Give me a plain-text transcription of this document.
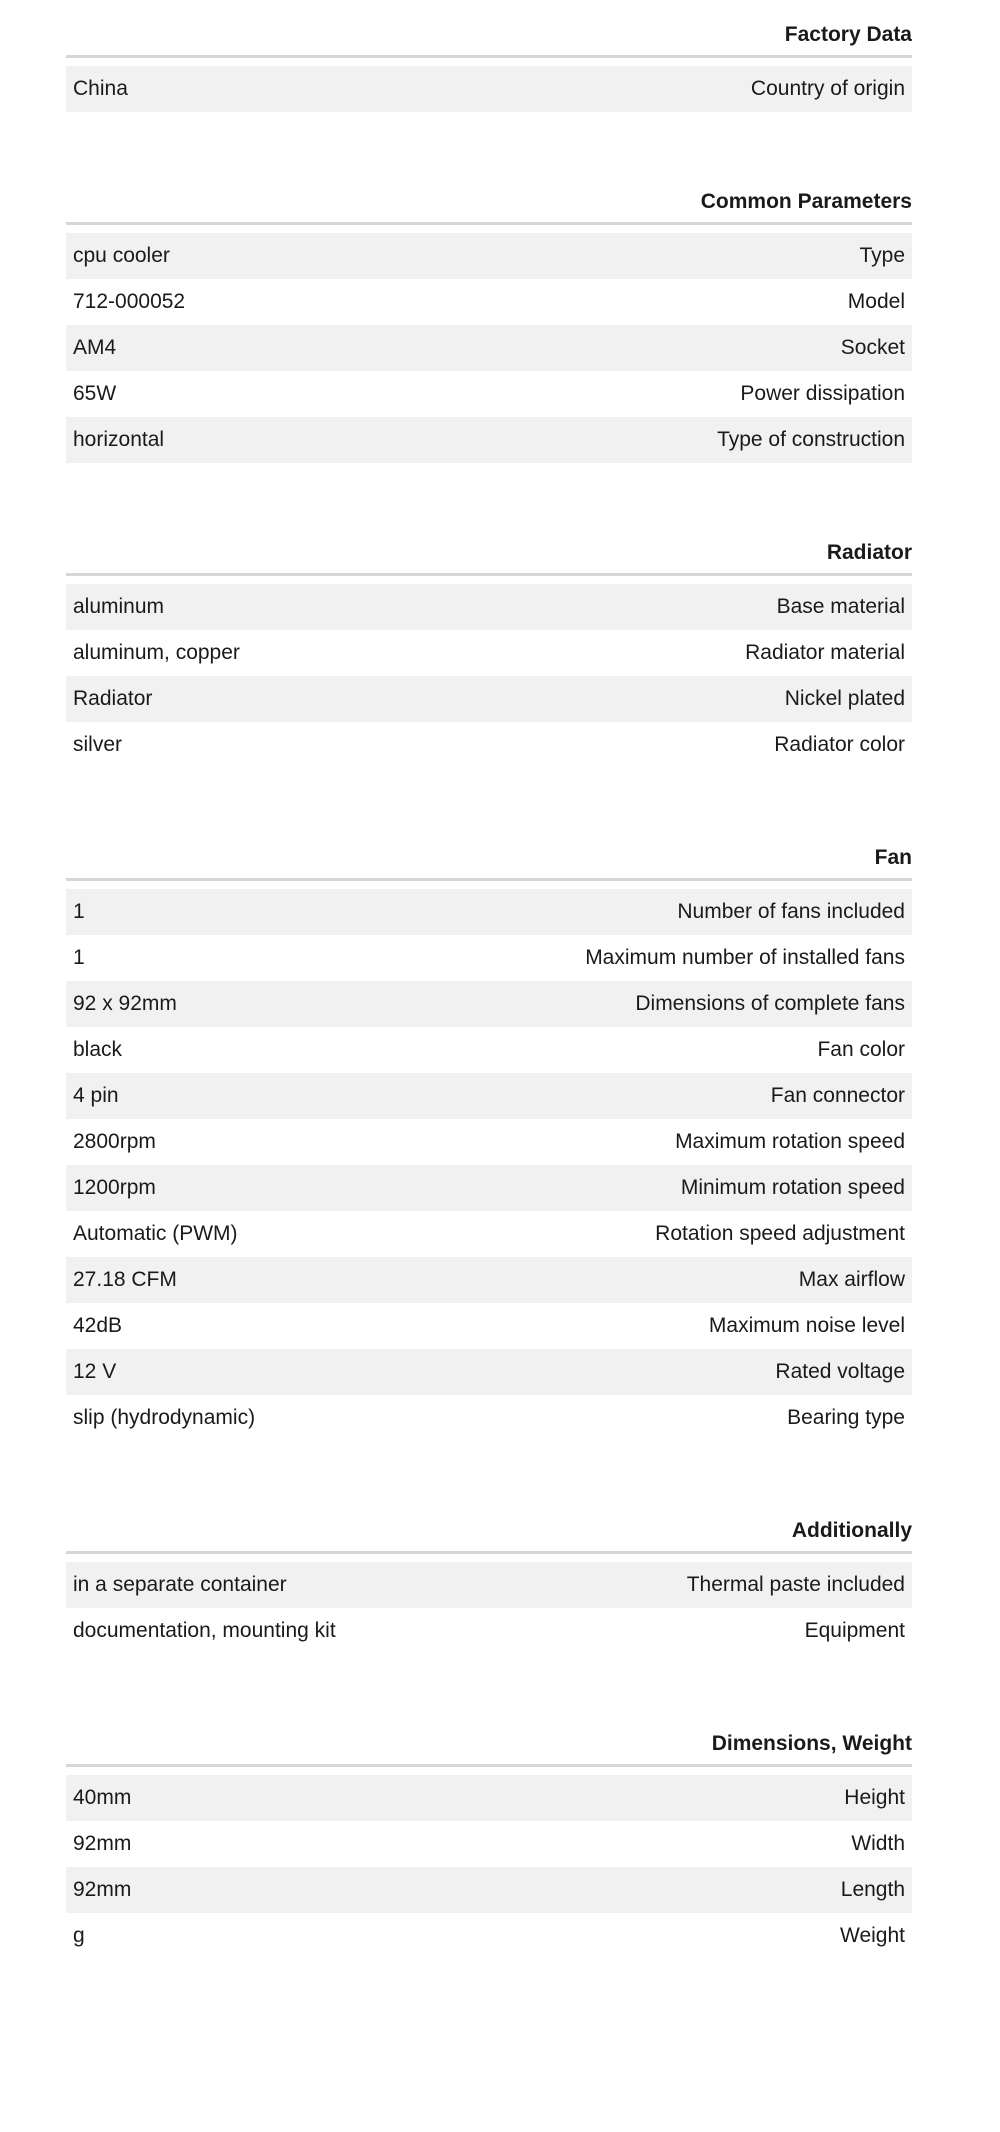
Factory Data
China	Country of origin
Common Parameters
cpu cooler	Type
712-000052	Model
AM4	Socket
65W	Power dissipation
horizontal	Type of construction
Radiator
aluminum	Base material
aluminum, copper	Radiator material
Radiator	Nickel plated
silver	Radiator color
Fan
1	Number of fans included
1	Maximum number of installed fans
92 x 92mm	Dimensions of complete fans
black	Fan color
4 pin	Fan connector
2800rpm	Maximum rotation speed
1200rpm	Minimum rotation speed
Automatic (PWM)	Rotation speed adjustment
27.18 CFM	Max airflow
42dB	Maximum noise level
12 V	Rated voltage
slip (hydrodynamic)	Bearing type
Additionally
in a separate container	Thermal paste included
documentation, mounting kit	Equipment
Dimensions, Weight
40mm	Height
92mm	Width
92mm	Length
g	Weight
